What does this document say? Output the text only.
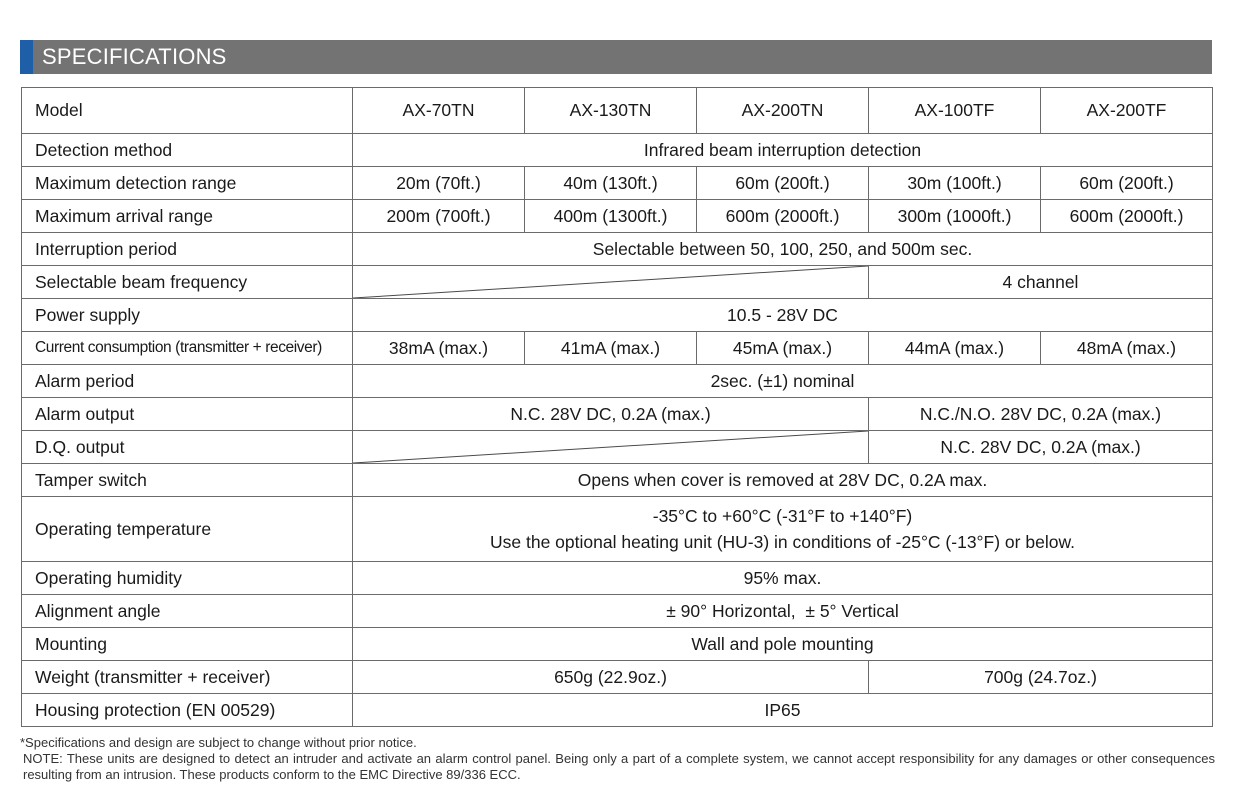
SPECIFICATIONS
Model	AX-70TN	AX-130TN	AX-200TN	AX-100TF	AX-200TF
Detection method	Infrared beam interruption detection				
Maximum detection range	20m (70ft.)	40m (130ft.)	60m (200ft.)	30m (100ft.)	60m (200ft.)
Maximum arrival range	200m (700ft.)	400m (1300ft.)	600m (2000ft.)	300m (1000ft.)	600m (2000ft.)
Interruption period	Selectable between 50, 100, 250, and 500m sec.				
Selectable beam frequency				4 channel	
Power supply	10.5 - 28V DC				
Current consumption (transmitter + receiver)	38mA (max.)	41mA (max.)	45mA (max.)	44mA (max.)	48mA (max.)
Alarm period	2sec. (±1) nominal				
Alarm output	N.C. 28V DC, 0.2A (max.)			N.C./N.O. 28V DC, 0.2A (max.)	
D.Q. output				N.C. 28V DC, 0.2A (max.)	
Tamper switch	Opens when cover is removed at 28V DC, 0.2A max.				
Operating temperature	-35°C to +60°C (-31°F to +140°F)
Use the optional heating unit (HU-3) in conditions of -25°C (-13°F) or below.				

Operating humidity	95% max.				
Alignment angle	± 90° Horizontal,  ± 5° Vertical				
Mounting	Wall and pole mounting				
Weight (transmitter + receiver)	650g (22.9oz.)			700g (24.7oz.)	
Housing protection (EN 00529)	IP65				

*Specifications and design are subject to change without prior notice.

NOTE: These units are designed to detect an intruder and activate an alarm control panel. Being only a part of a complete system, we cannot accept responsibility for any damages or other consequences resulting from an intrusion. These products conform to the EMC Directive 89/336 ECC.
